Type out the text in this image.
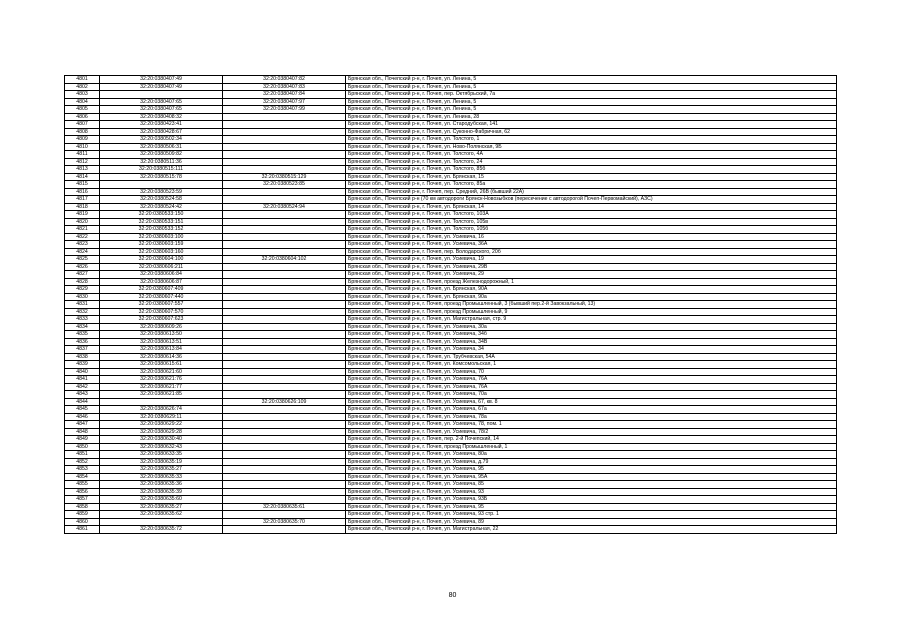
4801	32:20:0380407:49	32:20:0380407:82	Брянская обл., Почепский р-н, г. Почеп, ул. Ленина, 5
4802	32:20:0380407:49	32:20:0380407:83	Брянская обл., Почепский р-н, г. Почеп, ул. Ленина, 5
4803		32:20:0380407:84	Брянская обл., Почепский р-н, г. Почеп, пер. Октябрьский, 7а
4804	32:20:0380407:65	32:20:0380407:97	Брянская обл., Почепский р-н, г. Почеп, ул. Ленина, 5
4805	32:20:0380407:65	32:20:0380407:99	Брянская обл., Почепский р-н, г. Почеп, ул. Ленина, 5
4806	32:20:0380408:32		Брянская обл., Почепский р-н, г. Почеп, ул. Ленина, 28
4807	32:20:0380423:41		Брянская обл., Почепский р-н, г. Почеп, ул. Стародубская, 141
4808	32:20:0380428:67		Брянская обл., Почепский р-н, г. Почеп, ул. Суконно-Фабричная, 62
4809	32:20:0380502:34		Брянская обл., Почепский р-н, г. Почеп, ул. Толстого, 1
4810	32:20:0380506:31		Брянская обл., Почепский р-н, г. Почеп, ул. Ново-Полянская, 9Б
4811	32:20:0380509:82		Брянская обл., Почепский р-н, г. Почеп, ул. Толстого, 4А
4812	32:20:0380511:36		Брянская обл., Почепский р-н, г. Почеп, ул. Толстого, 24
4813	32:20:0380515:111		Брянская обл., Почепский р-н, г. Почеп, ул. Толстого, 85б
4814	32:20:0380515:78	32:20:0380515:129	Брянская обл., Почепский р-н, г. Почеп, ул. Брянская, 15
4815		32:20:0380523:85	Брянская обл., Почепский р-н, г. Почеп, ул. Толстого, 85а
4816	32:20:0380523:59		Брянская обл., Почепский р-н, г. Почеп, пер. Средний, 26В (бывший 22А)
4817	32:20:0380524:58		Брянская обл., Почепский р-н (70 км автодороги Брянск-Новозыбков (пересечение с автодорогой Почеп-Первомайский), АЗС)
4818	32:20:0380524:42	32:20:0380524:94	Брянская обл., Почепский р-н, г. Почеп, ул. Брянская, 14
4819	32:20:0380533:150		Брянская обл., Почепский р-н, г. Почеп, ул. Толстого, 103А
4820	32:20:0380533:151		Брянская обл., Почепский р-н, г. Почеп, ул. Толстого, 105в
4821	32:20:0380533:152		Брянская обл., Почепский р-н, г. Почеп, ул. Толстого, 105б
4822	32:20:0380603:100		Брянская обл., Почепский р-н, г. Почеп, ул. Усиевича, 16
4823	32:20:0380603:159		Брянская обл., Почепский р-н, г. Почеп, ул. Усиевича, 36А
4824	32:20:0380603:160		Брянская обл., Почепский р-н, г. Почеп, пер. Володарского, 20б
4825	32:20:0380604:100	32:20:0380604:102	Брянская обл., Почепский р-н, г. Почеп, ул. Усиевича, 19
4826	32:20:0380606:211		Брянская обл., Почепский р-н, г. Почеп, ул. Усиевича, 29В
4827	32:20:0380606:84		Брянская обл., Почепский р-н, г. Почеп, ул. Усиевича, 29
4828	32:20:0380606:87		Брянская обл., Почепский р-н, г. Почеп, проезд Железнодорожный, 1
4829	32:20:0380607:409		Брянская обл., Почепский р-н, г. Почеп, ул. Брянская, 90А
4830	32:20:0380607:440		Брянская обл., Почепский р-н, г. Почеп, ул. Брянская, 90а
4831	32:20:0380607:557		Брянская обл., Почепский р-н, г. Почеп, проезд Промышленный, 3 (бывший пер.2-й Завокзальный, 13)
4832	32:20:0380607:570		Брянская обл., Почепский р-н, г. Почеп, проезд Промышленный, 9
4833	32:20:0380607:623		Брянская обл., Почепский р-н, г. Почеп, ул. Магистральная, стр. 9
4834	32:20:0380609:26		Брянская обл., Почепский р-н, г. Почеп, ул. Усиевича, 30а
4835	32:20:0380613:50		Брянская обл., Почепский р-н, г. Почеп, ул. Усиевича, 34б
4836	32:20:0380613:51		Брянская обл., Почепский р-н, г. Почеп, ул. Усиевича, 34В
4837	32:20:0380613:84		Брянская обл., Почепский р-н, г. Почеп, ул. Усиевича, 34
4838	32:20:0380614:36		Брянская обл., Почепский р-н, г. Почеп, ул. Трубчевская, 54А
4839	32:20:0380615:61		Брянская обл., Почепский р-н, г. Почеп, ул. Комсомольская, 1
4840	32:20:0380621:60		Брянская обл., Почепский р-н, г. Почеп, ул. Усиевича, 70
4841	32:20:0380621:76		Брянская обл., Почепский р-н, г. Почеп, ул. Усиевича, 76А
4842	32:20:0380621:77		Брянская обл., Почепский р-н, г. Почеп, ул. Усиевича, 76А
4843	32:20:0380621:85		Брянская обл., Почепский р-н, г. Почеп, ул. Усиевича, 70а
4844		32:20:0380626:109	Брянская обл., Почепский р-н, г. Почеп, ул. Усиевича, 67, кв. 8
4845	32:20:0380626:74		Брянская обл., Почепский р-н, г. Почеп, ул. Усиевича, 67а
4846	32:20:0380629:11		Брянская обл., Почепский р-н, г. Почеп, ул. Усиевича, 78а
4847	32:20:0380629:22		Брянская обл., Почепский р-н, г. Почеп, ул. Усиевича, 78, пом. 1
4848	32:20:0380629:28		Брянская обл., Почепский р-н, г. Почеп, ул. Усиевича, 78/2
4849	32:20:0380630:40		Брянская обл., Почепский р-н, г. Почеп, пер. 2-й Почепский, 14
4850	32:20:0380632:43		Брянская обл., Почепский р-н, г. Почеп, проезд Промышленный, 1
4851	32:20:0380633:35		Брянская обл., Почепский р-н, г. Почеп, ул. Усиевича, 80а
4852	32:20:0380635:19		Брянская обл., Почепский р-н, г. Почеп, ул. Усиевича, д.79
4853	32:20:0380635:27		Брянская обл., Почепский р-н, г. Почеп, ул. Усиевича, 95
4854	32:20:0380635:33		Брянская обл., Почепский р-н, г. Почеп, ул. Усиевича, 95А
4855	32:20:0380635:36		Брянская обл., Почепский р-н, г. Почеп, ул. Усиевича, 85
4856	32:20:0380635:39		Брянская обл., Почепский р-н, г. Почеп, ул. Усиевича, 93
4857	32:20:0380635:60		Брянская обл., Почепский р-н, г. Почеп, ул. Усиевича, 93Б
4858	32:20:0380635:27	32:20:0380635:61	Брянская обл., Почепский р-н, г. Почеп, ул. Усиевича, 95
4859	32:20:0380635:62		Брянская обл., Почепский р-н, г. Почеп, ул. Усиевича, 93 стр. 1
4860		32:20:0380635:70	Брянская обл., Почепский р-н, г. Почеп, ул. Усиевича, 89
4861	32:20:0380635:72		Брянская обл., Почепский р-н, г. Почеп, ул. Магистральная, 22
80
